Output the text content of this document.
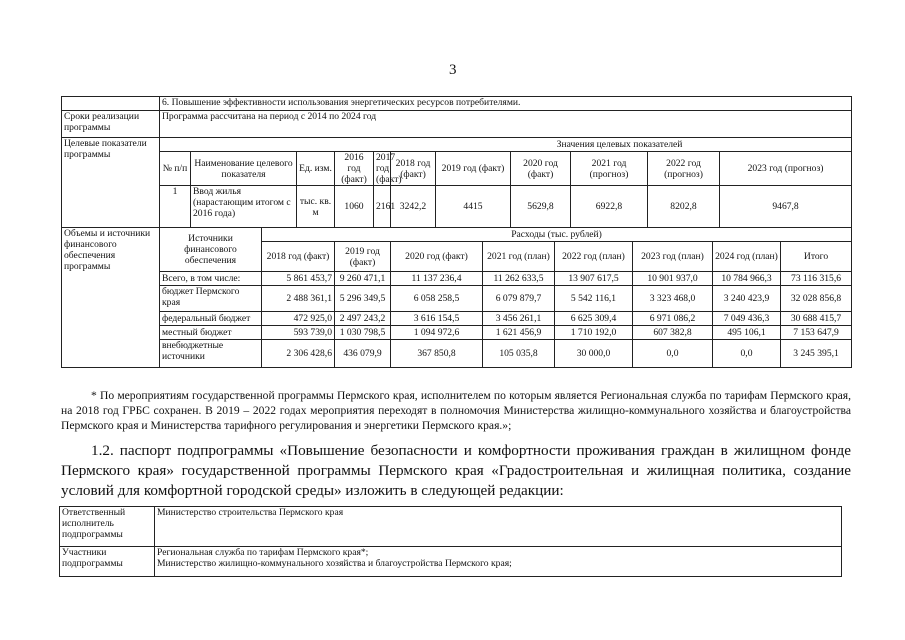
3
	6. Повышение эффективности использования энергетических ресурсов потребителями.																	
Сроки реализации программы	Программа рассчитана на период с 2014 по 2024 год																	
Целевые показатели программы	Значения целевых показателей																	
	№ п/п	Наименование целевого показателя		Ед. изм.	2016 год (факт)	2017 год (факт)	2018 год (факт)	2019 год (факт)		2020 год (факт)		2021 год (прогноз)		2022 год (прогноз)		2023 год (прогноз)	
	1	Ввод жилья (нарастающим итогом с 2016 года)		тыс. кв. м	1060	2161	3242,2	4415		5629,8		6922,8		8202,8		9467,8	
Объемы и источники финансового обеспечения программы	Источники финансового обеспечения		Расходы (тыс. рублей)															
			2018 год (факт)		2019 год (факт)		2020 год (факт)		2021 год (план)		2022 год (план)		2023 год (план)		2024 год (план)		Итого	
	Всего, в том числе:		5 861 453,7		9 260 471,1		11 137 236,4		11 262 633,5		13 907 617,5		10 901 937,0		10 784 966,3		73 116 315,6	
	бюджет Пермского края		2 488 361,1		5 296 349,5		6 058 258,5		6 079 879,7		5 542 116,1		3 323 468,0		3 240 423,9		32 028 856,8	
	федеральный бюджет		472 925,0		2 497 243,2		3 616 154,5		3 456 261,1		6 625 309,4		6 971 086,2		7 049 436,3		30 688 415,7	
	местный бюджет		593 739,0		1 030 798,5		1 094 972,6		1 621 456,9		1 710 192,0		607 382,8		495 106,1		7 153 647,9	
	внебюджетные источники		2 306 428,6		436 079,9		367 850,8		105 035,8		30 000,0		0,0		0,0		3 245 395,1	
* По мероприятиям государственной программы Пермского края, исполнителем по которым является Региональная служба по тарифам Пермского края, на 2018 год ГРБС сохранен. В 2019 – 2022 годах мероприятия переходят в полномочия Министерства жилищно-коммунального хозяйства и благоустройства Пермского края и Министерства тарифного регулирования и энергетики Пермского края.»;
1.2. паспорт подпрограммы «Повышение безопасности и комфортности проживания граждан в жилищном фонде Пермского края» государственной программы Пермского края «Градостроительная и жилищная политика, создание условий для комфортной городской среды» изложить в следующей редакции:
Ответственный исполнитель подпрограммы	Министерство строительства Пермского края
Участники подпрограммы	Региональная служба по тарифам Пермского края*;
Министерство жилищно-коммунального хозяйства и благоустройства Пермского края;
